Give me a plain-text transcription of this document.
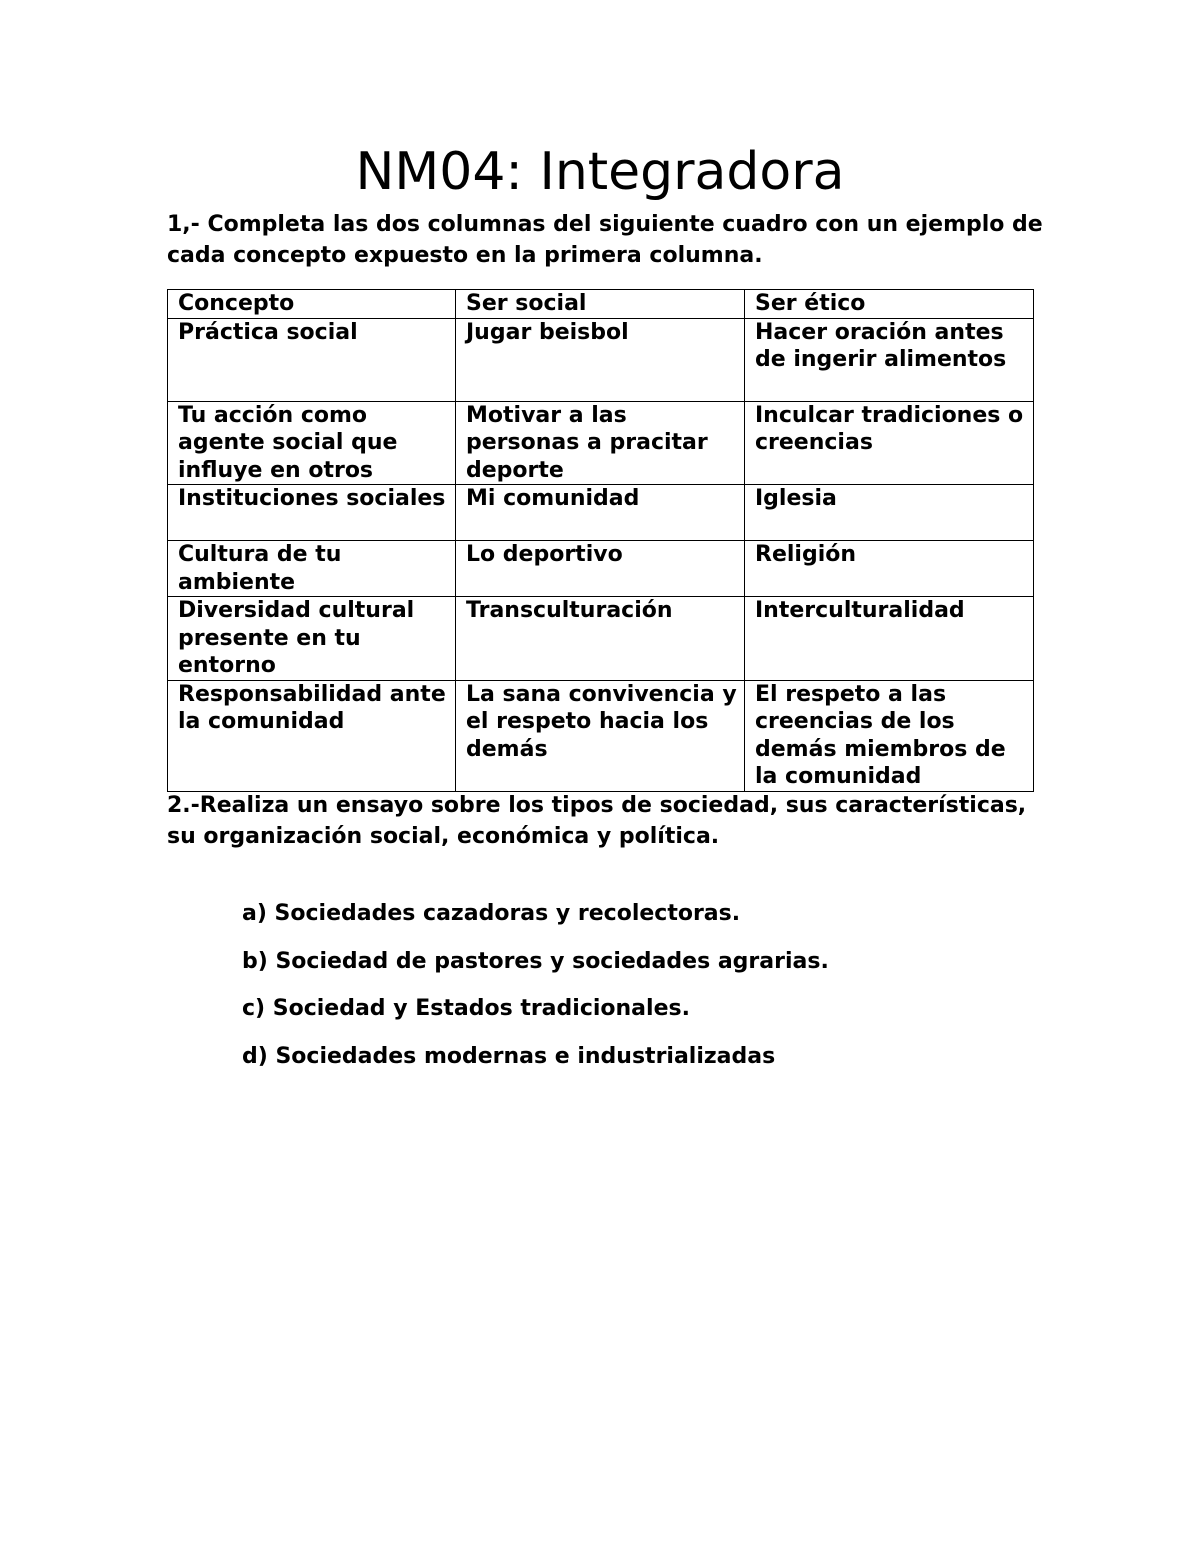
NM04: Integradora

1,- Completa las dos columnas del siguiente cuadro con un ejemplo de cada concepto expuesto en la primera columna.

Concepto	Ser social	Ser ético
Práctica social	Jugar beisbol	Hacer oración antes de ingerir alimentos
Tu acción como agente social que influye en otros	Motivar a las personas a pracitar deporte	Inculcar tradiciones o creencias
Instituciones sociales	Mi comunidad	Iglesia
Cultura de tu ambiente	Lo deportivo	Religión
Diversidad cultural presente en tu entorno	Transculturación	Interculturalidad
Responsabilidad ante la comunidad	La sana convivencia y el respeto hacia los demás	El respeto a las creencias de los demás miembros de la comunidad

2.-Realiza un ensayo sobre los tipos de sociedad, sus características, su organización social, económica y política.

a) Sociedades cazadoras y recolectoras.
b) Sociedad de pastores y sociedades agrarias.
c) Sociedad y Estados tradicionales.
d) Sociedades modernas e industrializadas
